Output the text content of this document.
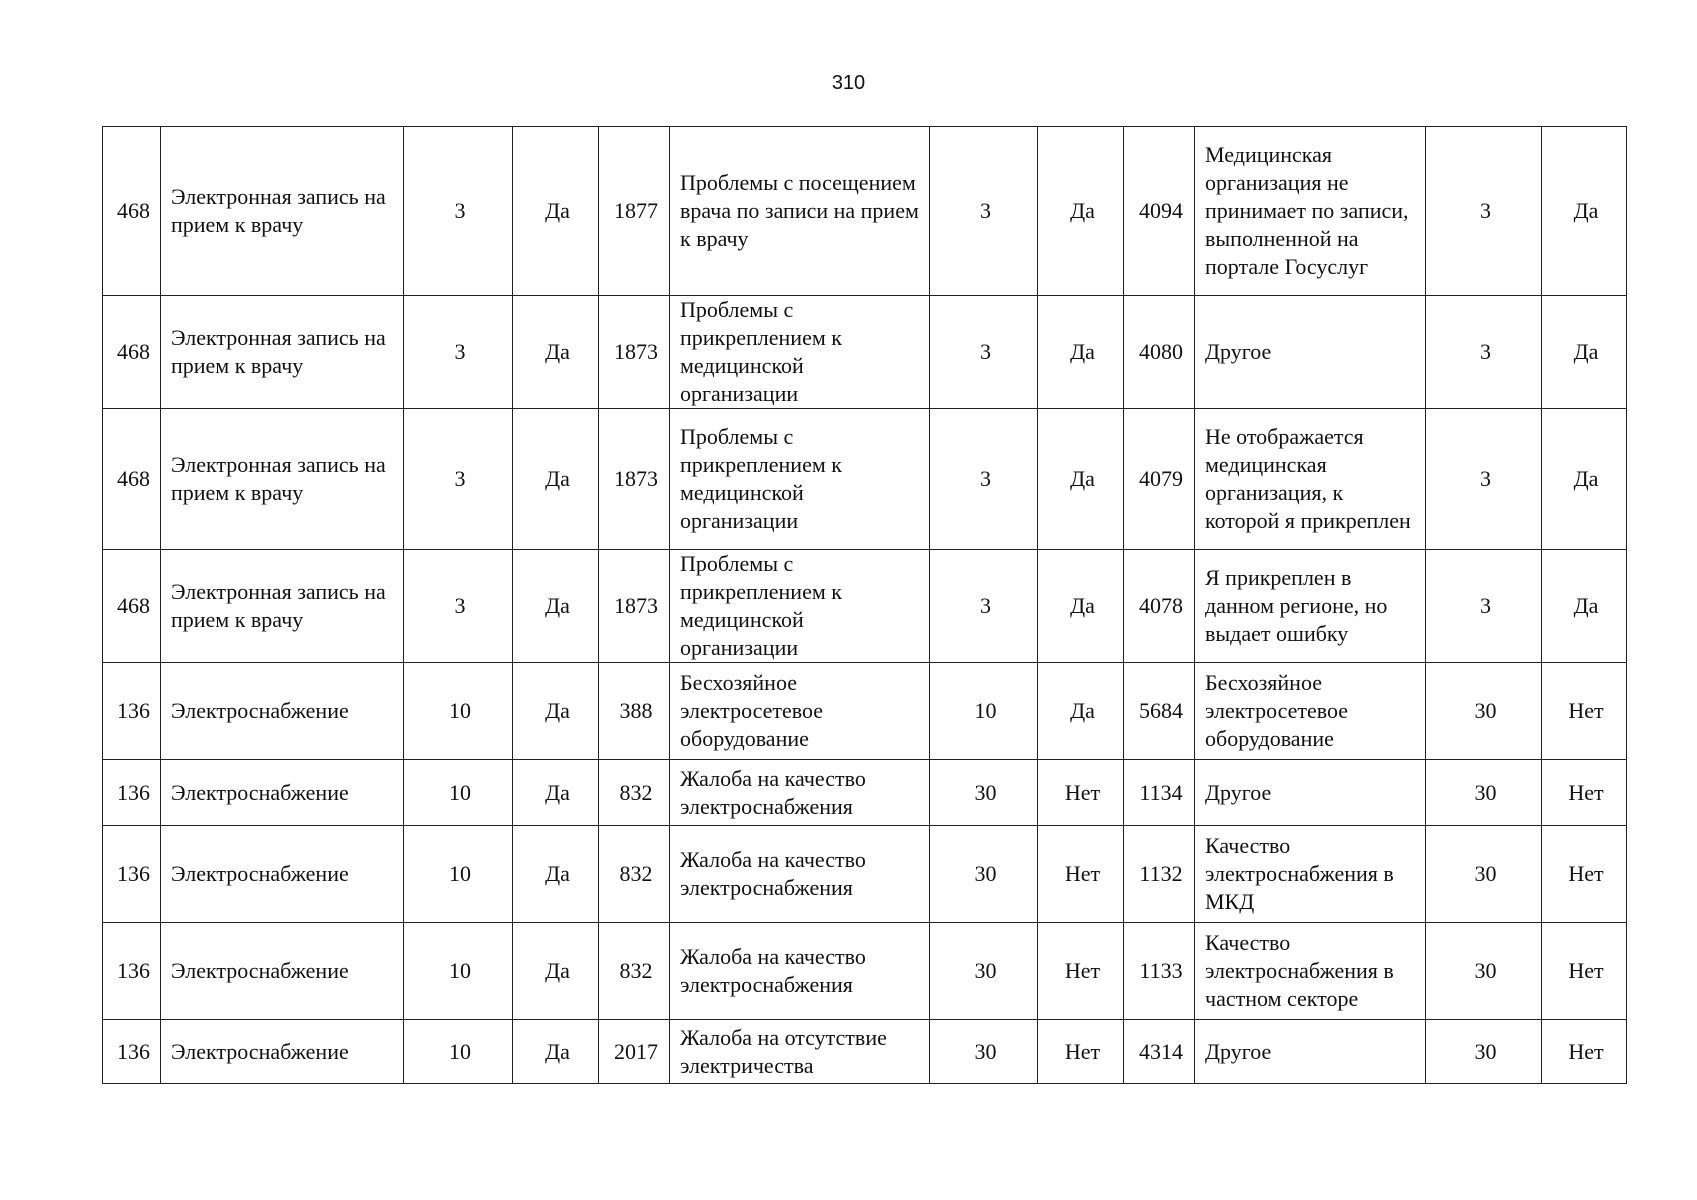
310
468	Электронная запись на прием к врачу	3	Да	1877	Проблемы с посещением врача по записи на прием к врачу	3	Да	4094	Медицинская организация не принимает по записи, выполненной на портале Госуслуг	3	Да
468	Электронная запись на прием к врачу	3	Да	1873	Проблемы с прикреплением к медицинской организации	3	Да	4080	Другое	3	Да
468	Электронная запись на прием к врачу	3	Да	1873	Проблемы с прикреплением к медицинской организации	3	Да	4079	Не отображается медицинская организация, к которой я прикреплен	3	Да
468	Электронная запись на прием к врачу	3	Да	1873	Проблемы с прикреплением к медицинской организации	3	Да	4078	Я прикреплен в данном регионе, но выдает ошибку	3	Да
136	Электроснабжение	10	Да	388	Бесхозяйное электросетевое оборудование	10	Да	5684	Бесхозяйное электросетевое оборудование	30	Нет
136	Электроснабжение	10	Да	832	Жалоба на качество электроснабжения	30	Нет	1134	Другое	30	Нет
136	Электроснабжение	10	Да	832	Жалоба на качество электроснабжения	30	Нет	1132	Качество электроснабжения в МКД	30	Нет
136	Электроснабжение	10	Да	832	Жалоба на качество электроснабжения	30	Нет	1133	Качество электроснабжения в частном секторе	30	Нет
136	Электроснабжение	10	Да	2017	Жалоба на отсутствие электричества	30	Нет	4314	Другое	30	Нет
